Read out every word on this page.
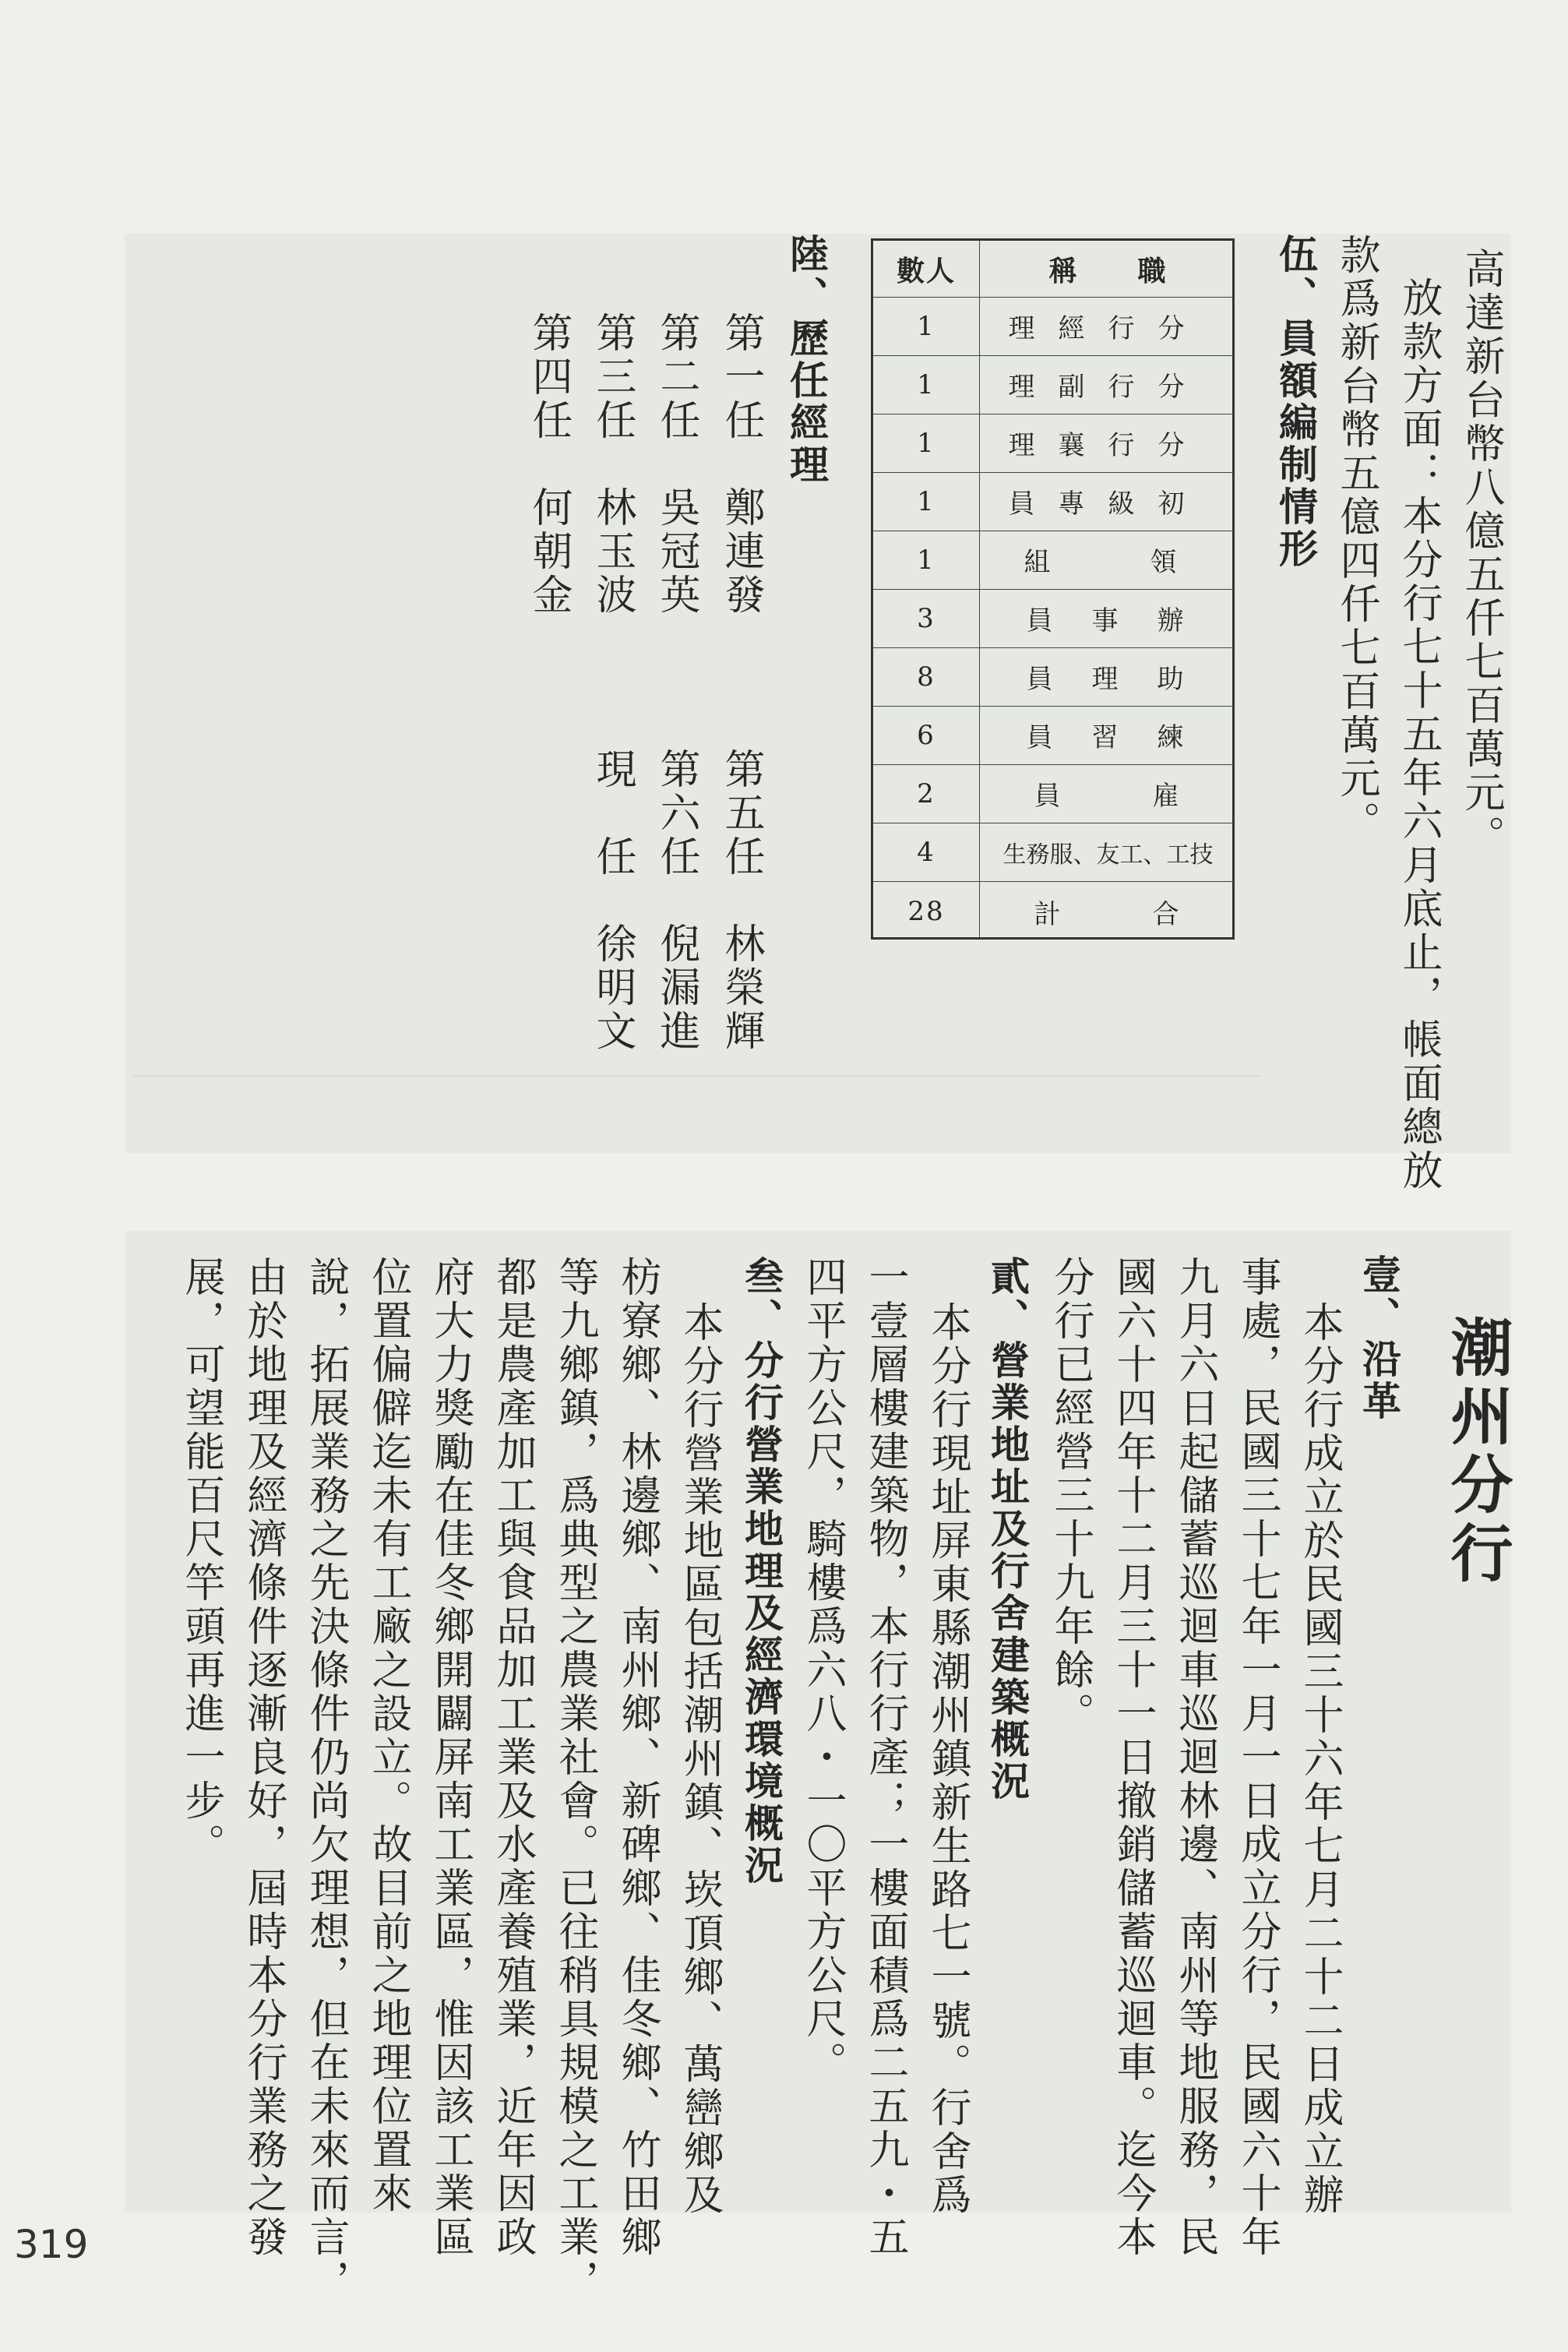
高達新台幣八億五仟七百萬元。
放款方面：本分行七十五年六月底止，帳面總放
款爲新台幣五億四仟七百萬元。
伍、員額編制情形
數人	稱　　職
1	理經行分
1	理副行分
1	理襄行分
1	員專級初
1	組　　領
3	員　事　辦
8	員　理　助
6	員　習　練
2	員　　　雇
4	生務服、友工、工技
28	計　　　合
陸、歷任經理
第一任　鄭連發　　　第五任　林榮輝
第二任　吳冠英　　　第六任　倪漏進
第三任　林玉波　　　現　任　徐明文
第四任　何朝金
潮州分行
壹、沿革
本分行成立於民國三十六年七月二十二日成立辦
事處，民國三十七年一月一日成立分行，民國六十年
九月六日起儲蓄巡迴車巡迴林邊、南州等地服務，民
國六十四年十二月三十一日撤銷儲蓄巡迴車。迄今本
分行已經營三十九年餘。
貳、營業地址及行舍建築概況
本分行現址屏東縣潮州鎮新生路七一號。行舍爲
一壹層樓建築物，本行行產；一樓面積爲二五九・五
四平方公尺，騎樓爲六八・一〇平方公尺。
叁、分行營業地理及經濟環境概況
本分行營業地區包括潮州鎮、崁頂鄉、萬巒鄉及
枋寮鄉、林邊鄉、南州鄉、新碑鄉、佳冬鄉、竹田鄉
等九鄉鎮，爲典型之農業社會。已往稍具規模之工業，
都是農產加工與食品加工業及水產養殖業，近年因政
府大力獎勵在佳冬鄉開闢屏南工業區，惟因該工業區
位置偏僻迄未有工廠之設立。故目前之地理位置來
說，拓展業務之先決條件仍尚欠理想，但在未來而言，
由於地理及經濟條件逐漸良好，屆時本分行業務之發
展，可望能百尺竿頭再進一步。
319
